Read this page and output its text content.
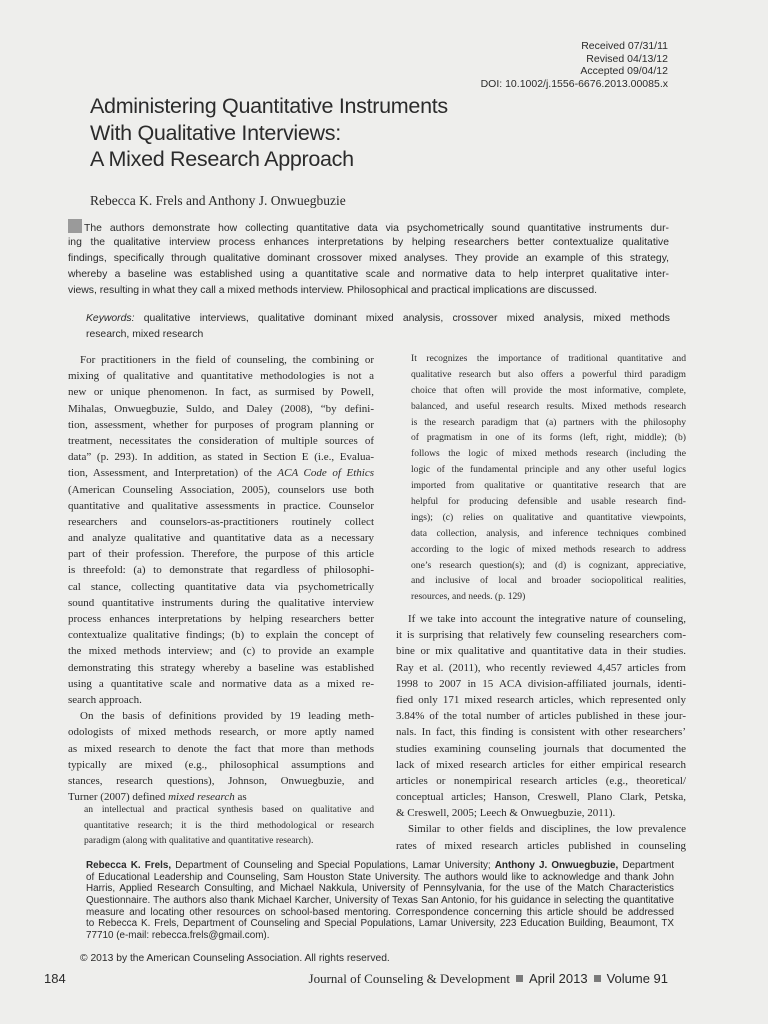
Received 07/31/11
Revised 04/13/12
Accepted 09/04/12
DOI: 10.1002/j.1556-6676.2013.00085.x
Administering Quantitative Instruments
With Qualitative Interviews:
A Mixed Research Approach
Rebecca K. Frels and Anthony J. Onwuegbuzie
The authors demonstrate how collecting quantitative data via psychometrically sound quantitative instruments dur-
ing the qualitative interview process enhances interpretations by helping researchers better contextualize qualitative
findings, specifically through qualitative dominant crossover mixed analyses. They provide an example of this strategy,
whereby a baseline was established using a quantitative scale and normative data to help interpret qualitative inter-
views, resulting in what they call a mixed methods interview. Philosophical and practical implications are discussed.
Keywords: qualitative interviews, qualitative dominant mixed analysis, crossover mixed analysis, mixed methods
research, mixed research
For practitioners in the field of counseling, the combining or
mixing of qualitative and quantitative methodologies is not a
new or unique phenomenon. In fact, as surmised by Powell,
Mihalas, Onwuegbuzie, Suldo, and Daley (2008), “by defini-
tion, assessment, whether for purposes of program planning or
treatment, necessitates the consideration of multiple sources of
data” (p. 293). In addition, as stated in Section E (i.e., Evalua-
tion, Assessment, and Interpretation) of the ACA Code of Ethics
(American Counseling Association, 2005), counselors use both
quantitative and qualitative assessments in practice. Counselor
researchers and counselors-as-practitioners routinely collect
and analyze qualitative and quantitative data as a necessary
part of their profession. Therefore, the purpose of this article
is threefold: (a) to demonstrate that regardless of philosophi-
cal stance, collecting quantitative data via psychometrically
sound quantitative instruments during the qualitative interview
process enhances interpretations by helping researchers better
contextualize qualitative findings; (b) to explain the concept of
the mixed methods interview; and (c) to provide an example
demonstrating this strategy whereby a baseline was established
using a quantitative scale and normative data as a mixed re-
search approach.
On the basis of definitions provided by 19 leading meth-
odologists of mixed methods research, or more aptly named
as mixed research to denote the fact that more than methods
typically are mixed (e.g., philosophical assumptions and
stances, research questions), Johnson, Onwuegbuzie, and
Turner (2007) defined mixed research as
an intellectual and practical synthesis based on qualitative and
quantitative research; it is the third methodological or research
paradigm (along with qualitative and quantitative research).
It recognizes the importance of traditional quantitative and
qualitative research but also offers a powerful third paradigm
choice that often will provide the most informative, complete,
balanced, and useful research results. Mixed methods research
is the research paradigm that (a) partners with the philosophy
of pragmatism in one of its forms (left, right, middle); (b)
follows the logic of mixed methods research (including the
logic of the fundamental principle and any other useful logics
imported from qualitative or quantitative research that are
helpful for producing defensible and usable research find-
ings); (c) relies on qualitative and quantitative viewpoints,
data collection, analysis, and inference techniques combined
according to the logic of mixed methods research to address
one’s research question(s); and (d) is cognizant, appreciative,
and inclusive of local and broader sociopolitical realities,
resources, and needs. (p. 129)
If we take into account the integrative nature of counseling,
it is surprising that relatively few counseling researchers com-
bine or mix qualitative and quantitative data in their studies.
Ray et al. (2011), who recently reviewed 4,457 articles from
1998 to 2007 in 15 ACA division-affiliated journals, identi-
fied only 171 mixed research articles, which represented only
3.84% of the total number of articles published in these jour-
nals. In fact, this finding is consistent with other researchers’
studies examining counseling journals that documented the
lack of mixed research articles for either empirical research
articles or nonempirical research articles (e.g., theoretical/
conceptual articles; Hanson, Creswell, Plano Clark, Petska,
& Creswell, 2005; Leech & Onwuegbuzie, 2011).
Similar to other fields and disciplines, the low prevalence
rates of mixed research articles published in counseling
Rebecca K. Frels, Department of Counseling and Special Populations, Lamar University; Anthony J. Onwuegbuzie, Department
of Educational Leadership and Counseling, Sam Houston State University. The authors would like to acknowledge and thank John
Harris, Applied Research Consulting, and Michael Nakkula, University of Pennsylvania, for the use of the Match Characteristics
Questionnaire. The authors also thank Michael Karcher, University of Texas San Antonio, for his guidance in selecting the quantitative
measure and locating other resources on school-based mentoring. Correspondence concerning this article should be addressed
to Rebecca K. Frels, Department of Counseling and Special Populations, Lamar University, 223 Education Building, Beaumont, TX
77710 (e-mail: rebecca.frels@gmail.com).
© 2013 by the American Counseling Association. All rights reserved.
184	Journal of Counseling & Development April 2013 Volume 91
